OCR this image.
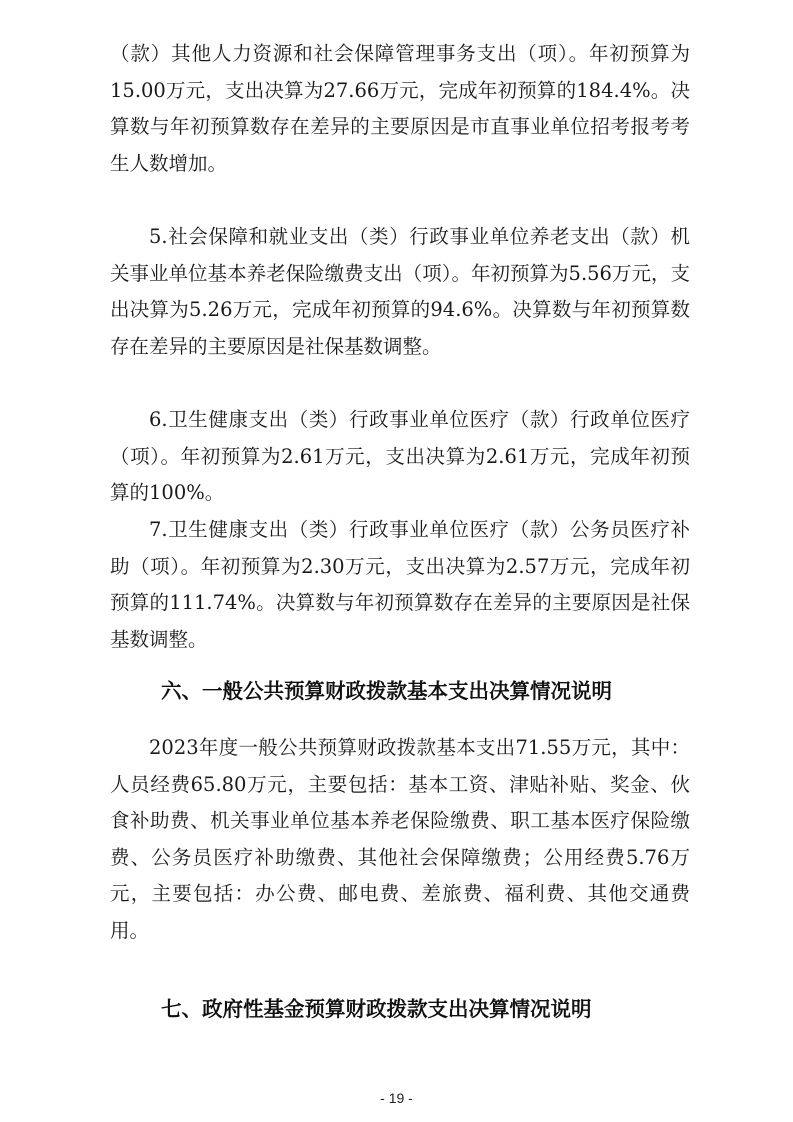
（款）其他人力资源和社会保障管理事务支出（项）。年初预算为15.00万元，支出决算为27.66万元，完成年初预算的184.4%。决算数与年初预算数存在差异的主要原因是市直事业单位招考报考考生人数增加。

5.社会保障和就业支出（类）行政事业单位养老支出（款）机关事业单位基本养老保险缴费支出（项）。年初预算为5.56万元，支出决算为5.26万元，完成年初预算的94.6%。决算数与年初预算数存在差异的主要原因是社保基数调整。

6.卫生健康支出（类）行政事业单位医疗（款）行政单位医疗（项）。年初预算为2.61万元，支出决算为2.61万元，完成年初预算的100%。

7.卫生健康支出（类）行政事业单位医疗（款）公务员医疗补助（项）。年初预算为2.30万元，支出决算为2.57万元，完成年初预算的111.74%。决算数与年初预算数存在差异的主要原因是社保基数调整。

六、一般公共预算财政拨款基本支出决算情况说明

2023年度一般公共预算财政拨款基本支出71.55万元，其中：人员经费65.80万元，主要包括：基本工资、津贴补贴、奖金、伙食补助费、机关事业单位基本养老保险缴费、职工基本医疗保险缴费、公务员医疗补助缴费、其他社会保障缴费；公用经费5.76万元，主要包括：办公费、邮电费、差旅费、福利费、其他交通费用。

七、政府性基金预算财政拨款支出决算情况说明
- 19 -
